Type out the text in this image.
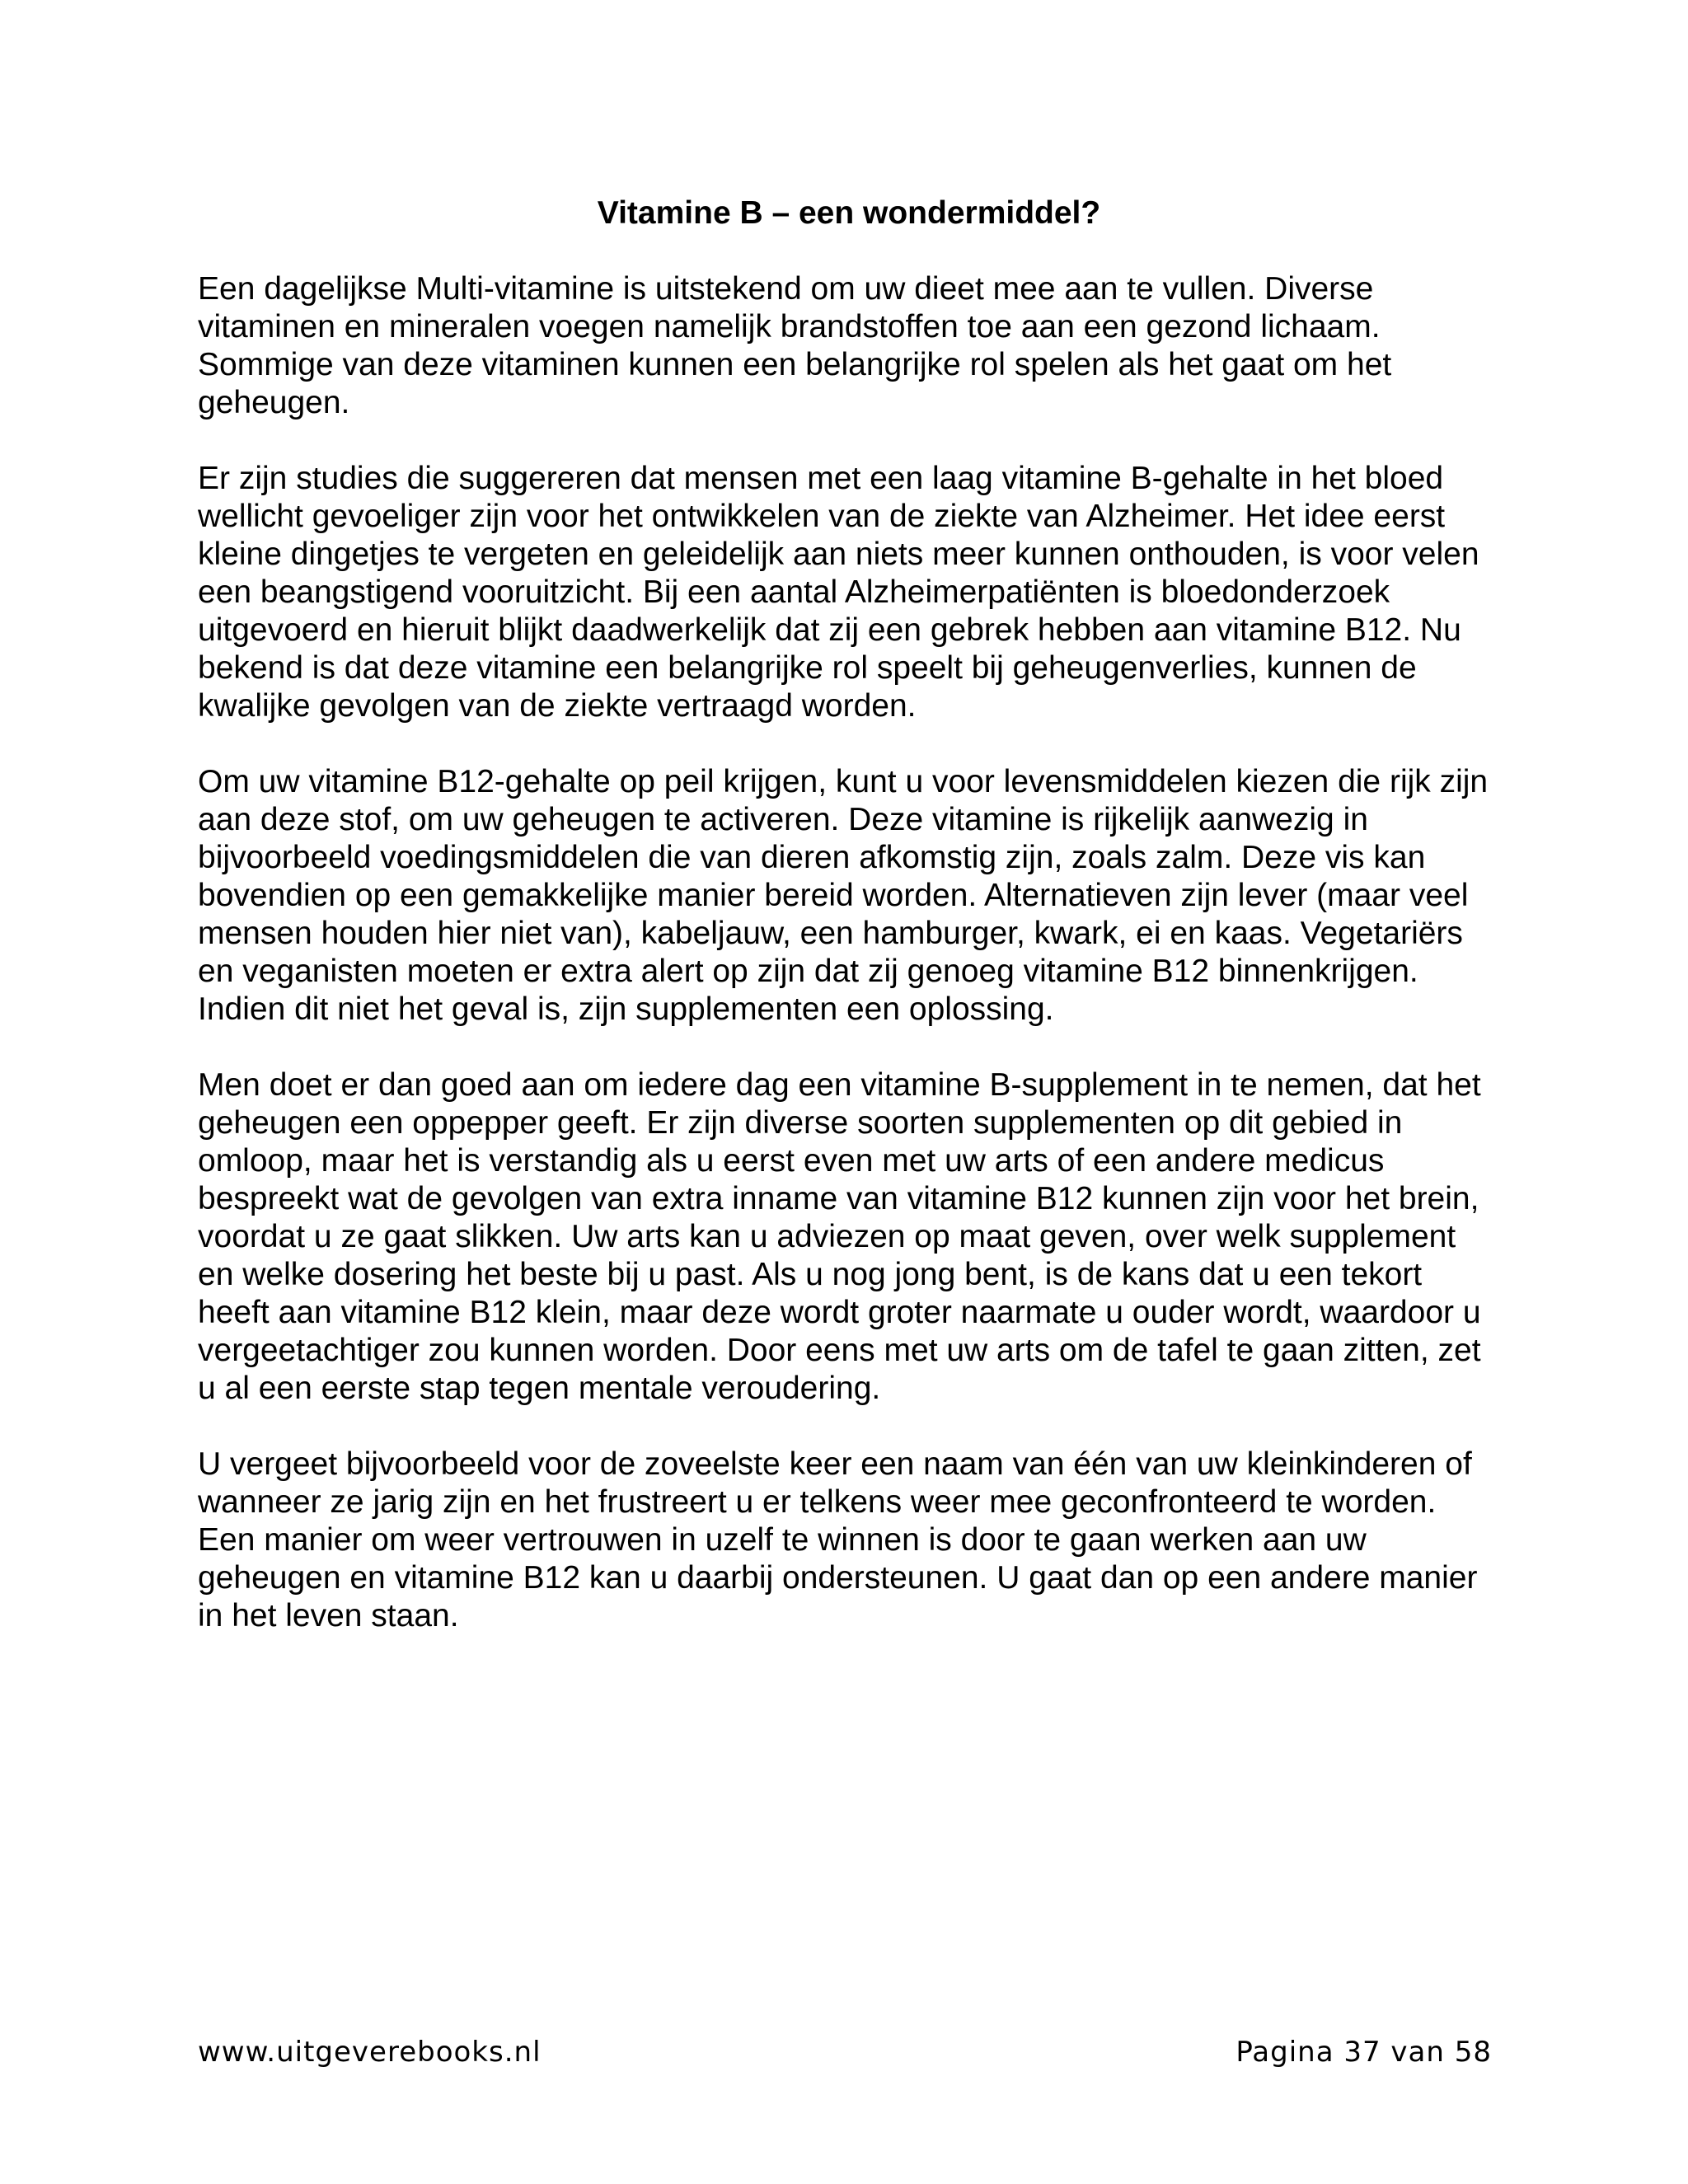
Vitamine B – een wondermiddel?

Een dagelijkse Multi-vitamine is uitstekend om uw dieet mee aan te vullen. Diverse vitaminen en mineralen voegen namelijk brandstoffen toe aan een gezond lichaam. Sommige van deze vitaminen kunnen een belangrijke rol spelen als het gaat om het geheugen.

Er zijn studies die suggereren dat mensen met een laag vitamine B-gehalte in het bloed wellicht gevoeliger zijn voor het ontwikkelen van de ziekte van Alzheimer. Het idee eerst kleine dingetjes te vergeten en geleidelijk aan niets meer kunnen onthouden, is voor velen een beangstigend vooruitzicht. Bij een aantal Alzheimerpatiënten is bloedonderzoek uitgevoerd en hieruit blijkt daadwerkelijk dat zij een gebrek hebben aan vitamine B12. Nu bekend is dat deze vitamine een belangrijke rol speelt bij geheugenverlies, kunnen de kwalijke gevolgen van de ziekte vertraagd worden.

Om uw vitamine B12-gehalte op peil krijgen, kunt u voor levensmiddelen kiezen die rijk zijn aan deze stof, om uw geheugen te activeren. Deze vitamine is rijkelijk aanwezig in bijvoorbeeld voedingsmiddelen die van dieren afkomstig zijn, zoals zalm. Deze vis kan bovendien op een gemakkelijke manier bereid worden. Alternatieven zijn lever (maar veel mensen houden hier niet van), kabeljauw, een hamburger, kwark, ei en kaas. Vegetariërs en veganisten moeten er extra alert op zijn dat zij genoeg vitamine B12 binnenkrijgen. Indien dit niet het geval is, zijn supplementen een oplossing.

Men doet er dan goed aan om iedere dag een vitamine B-supplement in te nemen, dat het geheugen een oppepper geeft. Er zijn diverse soorten supplementen op dit gebied in omloop, maar het is verstandig als u eerst even met uw arts of een andere medicus bespreekt wat de gevolgen van extra inname van vitamine B12 kunnen zijn voor het brein, voordat u ze gaat slikken. Uw arts kan u adviezen op maat geven, over welk supplement en welke dosering het beste bij u past. Als u nog jong bent, is de kans dat u een tekort heeft aan vitamine B12 klein, maar deze wordt groter naarmate u ouder wordt, waardoor u vergeetachtiger zou kunnen worden. Door eens met uw arts om de tafel te gaan zitten, zet u al een eerste stap tegen mentale veroudering.

U vergeet bijvoorbeeld voor de zoveelste keer een naam van één van uw kleinkinderen of wanneer ze jarig zijn en het frustreert u er telkens weer mee geconfronteerd te worden. Een manier om weer vertrouwen in uzelf te winnen is door te gaan werken aan uw geheugen en vitamine B12 kan u daarbij ondersteunen. U gaat dan op een andere manier in het leven staan.

www.uitgeverebooks.nl	Pagina 37 van 58
